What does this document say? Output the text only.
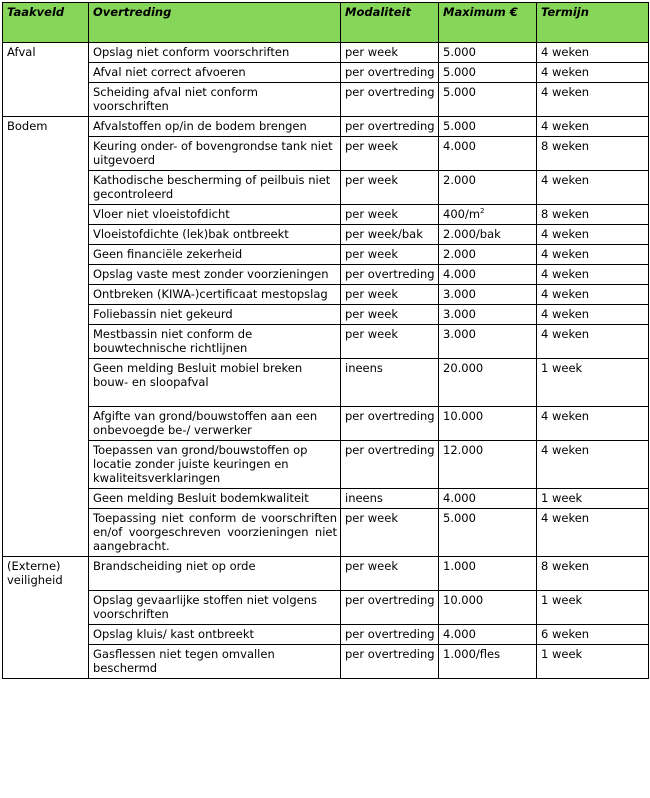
Taakveld	Overtreding	Modaliteit	Maximum €	Termijn
Afval	Opslag niet conform voorschriften	per week	5.000	4 weken
	Afval niet correct afvoeren	per overtreding	5.000	4 weken
	Scheiding afval niet conform voorschriften	per overtreding	5.000	4 weken
Bodem	Afvalstoffen op/in de bodem brengen	per overtreding	5.000	4 weken
	Keuring onder- of bovengrondse tank niet uitgevoerd	per week	4.000	8 weken
	Kathodische bescherming of peilbuis niet gecontroleerd	per week	2.000	4 weken
	Vloer niet vloeistofdicht	per week	$400/m^2$	8 weken
	Vloeistofdichte (lek)bak ontbreekt	per week/bak	2.000/bak	4 weken
	Geen financiële zekerheid	per week	2.000	4 weken
	Opslag vaste mest zonder voorzieningen	per overtreding	4.000	4 weken
	Ontbreken (KIWA-)certificaat mestopslag	per week	3.000	4 weken
	Foliebassin niet gekeurd	per week	3.000	4 weken
	Mestbassin niet conform de bouwtechnische richtlijnen	per week	3.000	4 weken
	Geen melding Besluit mobiel breken bouw- en sloopafval	ineens	20.000	1 week
	Afgifte van grond/bouwstoffen aan een onbevoegde be-/ verwerker	per overtreding	10.000	4 weken
	Toepassen van grond/bouwstoffen op locatie zonder juiste keuringen en kwaliteitsverklaringen	per overtreding	12.000	4 weken
	Geen melding Besluit bodemkwaliteit	ineens	4.000	1 week
	Toepassing niet conform de voorschriften en/of voorgeschreven voorzieningen niet aangebracht.	per week	5.000	4 weken
(Externe) veiligheid	Brandscheiding niet op orde	per week	1.000	8 weken
	Opslag gevaarlijke stoffen niet volgens voorschriften	per overtreding	10.000	1 week
	Opslag kluis/ kast ontbreekt	per overtreding	4.000	6 weken
	Gasflessen niet tegen omvallen beschermd	per overtreding	1.000/fles	1 week
